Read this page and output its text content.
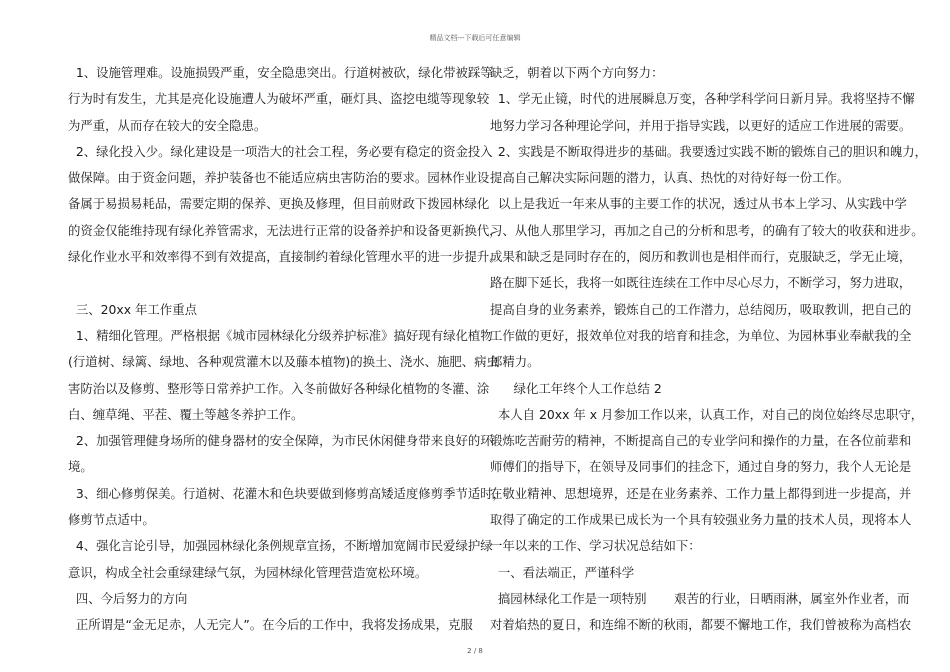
精品文档---下载后可任意编辑

1、设施管理难。设施损毁严重，安全隐患突出。行道树被砍，绿化带被踩等

行为时有发生，尤其是亮化设施遭人为破坏严重，砸灯具、盗挖电缆等现象较

为严重，从而存在较大的安全隐患。

2、绿化投入少。绿化建设是一项浩大的社会工程，务必要有稳定的资金投入

做保障。由于资金问题，养护装备也不能适应病虫害防治的要求。园林作业设

备属于易损易耗品，需要定期的保养、更换及修理，但目前财政下拨园林绿化

的资金仅能维持现有绿化养管需求，无法进行正常的设备养护和设备更新换代，

绿化作业水平和效率得不到有效提高，直接制约着绿化管理水平的进一步提升。

三、20xx 年工作重点

1、精细化管理。严格根据《城市园林绿化分级养护标准》搞好现有绿化植物

(行道树、绿篱、绿地、各种观赏灌木以及藤本植物)的换土、浇水、施肥、病虫

害防治以及修剪、整形等日常养护工作。入冬前做好各种绿化植物的冬灌、涂

白、缠草绳、平茬、覆土等越冬养护工作。

2、加强管理健身场所的健身器材的安全保障，为市民休闲健身带来良好的环

境。

3、细心修剪保美。行道树、花灌木和色块要做到修剪高矮适度修剪季节适时，

修剪节点适中。

4、强化言论引导，加强园林绿化条例规章宣扬，不断增加宽阔市民爱绿护绿

意识，构成全社会重绿建绿气氛，为园林绿化管理营造宽松环境。

四、今后努力的方向

正所谓是“金无足赤，人无完人”。在今后的工作中，我将发扬成果，克服

缺乏，朝着以下两个方向努力：

1、学无止镜，时代的进展瞬息万变，各种学科学问日新月异。我将坚持不懈

地努力学习各种理论学问，并用于指导实践，以更好的适应工作进展的需要。

2、实践是不断取得进步的基础。我要透过实践不断的锻炼自己的胆识和魄力，

提高自己解决实际问题的潜力，认真、热忱的对待好每一份工作。

以上是我近一年来从事的主要工作的状况，透过从书本上学习、从实践中学

习、从他人那里学习，再加之自己的分析和思考，的确有了较大的收获和进步。

成果和缺乏是同时存在的，阅历和教训也是相伴而行，克服缺乏，学无止境，

路在脚下延长，我将一如既往连续在工作中尽心尽力，不断学习，努力进取，

提高自身的业务素养，锻炼自己的工作潜力，总结阅历，吸取教训，把自己的

工作做的更好，报效单位对我的培育和挂念，为单位、为园林事业奉献我的全

部精力。

绿化工年终个人工作总结 2

本人自 20xx 年 x 月参加工作以来，认真工作，对自己的岗位始终尽忠职守，

锻炼吃苦耐劳的精神，不断提高自己的专业学问和操作的力量，在各位前辈和

师傅们的指导下，在领导及同事们的挂念下，通过自身的努力，我个人无论是

在敬业精神、思想境界，还是在业务素养、工作力量上都得到进一步提高，并

取得了确定的工作成果已成长为一个具有较强业务力量的技术人员，现将本人

一年以来的工作、学习状况总结如下：

一、看法端正，严谨科学

搞园林绿化工作是一项特别       艰苦的行业，日晒雨淋，属室外作业者，而

对着焰热的夏日，和连绵不断的秋雨，都要不懈地工作，我们曾被称为高档农

2 / 8
